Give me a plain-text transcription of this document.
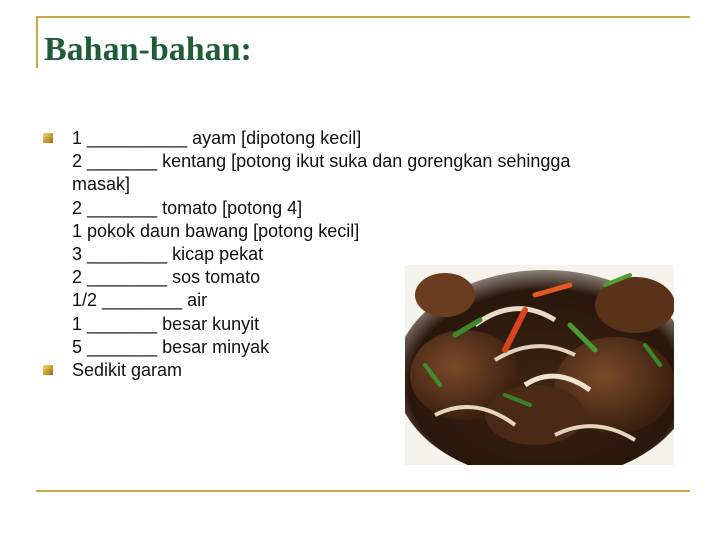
Bahan-bahan:
1 __________ ayam [dipotong kecil]
2 _______ kentang [potong ikut suka dan gorengkan sehingga
masak]
2 _______ tomato [potong 4]
1 pokok daun bawang [potong kecil]
3 ________ kicap pekat
2 ________ sos tomato
1/2 ________ air
1 _______ besar kunyit
5 _______ besar minyak
Sedikit garam
